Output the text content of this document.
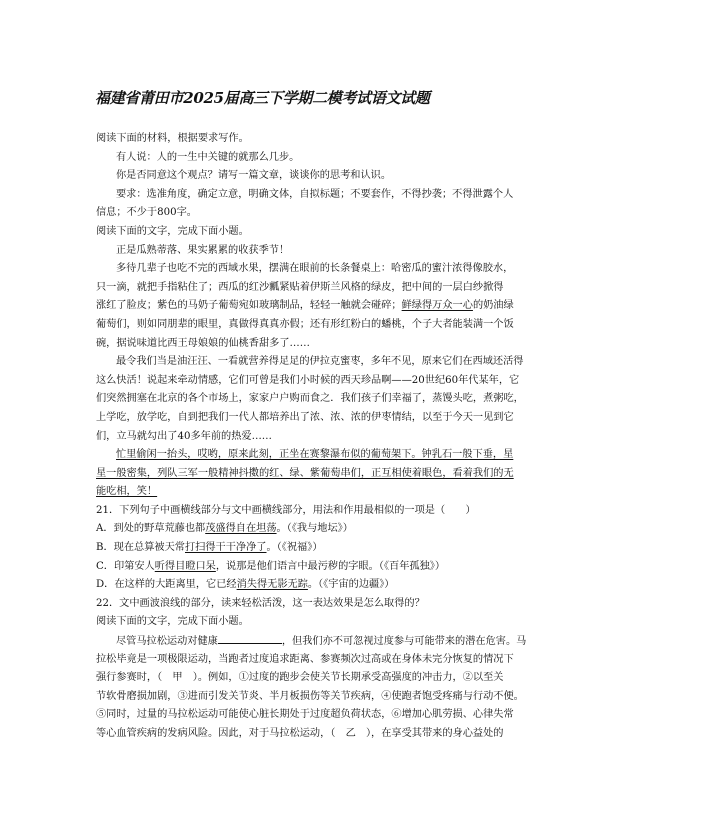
福建省莆田市2025届高三下学期二模考试语文试题
阅读下面的材料，根据要求写作。
有人说：人的一生中关键的就那么几步。
你是否同意这个观点？请写一篇文章，谈谈你的思考和认识。
要求：选准角度，确定立意，明确文体，自拟标题；不要套作，不得抄袭；不得泄露个人
信息；不少于800字。
阅读下面的文字，完成下面小题。
正是瓜熟蒂落、果实累累的收获季节！
多待几辈子也吃不完的西域水果，摆满在眼前的长条餐桌上：哈密瓜的蜜汁浓得像胶水，
只一滴，就把手指粘住了；西瓜的红沙瓤紧贴着伊斯兰风格的绿皮，把中间的一层白纱掀得
涨红了脸皮；紫色的马奶子葡萄宛如玻璃制品，轻轻一触就会碰碎；鲜绿得万众一心的奶油绿
葡萄们，则如同朋辈的眼里，真做得真真亦假；还有形红粉白的蟠桃，个子大者能装满一个饭
碗，据说味道比西王母娘娘的仙桃香甜多了……
最令我们当是油汪汪、一看就营养得足足的伊拉克蜜枣，多年不见，原来它们在西域还活得
这么快活！说起来牵动情感，它们可曾是我们小时候的西天珍品啊——20世纪60年代某年，它
们突然拥塞在北京的各个市场上，家家户户购而食之．我们孩子们幸福了，蒸馒头吃，煮粥吃，
上学吃，放学吃，自到把我们一代人都培养出了浓、浓、浓的伊枣情结，以至于今天一见到它
们，立马就勾出了40多年前的热爱……
忙里偷闲一抬头，哎哟，原来此刻，正坐在赛黎瀑布似的葡萄架下。钟乳石一般下垂，星
星一般密集，列队三军一般精神抖擞的红、绿、紫葡萄串们，正互相使着眼色，看着我们的无
能吃相，笑！
21．下列句子中画横线部分与文中画横线部分，用法和作用最相似的一项是（　　）
A．到处的野草荒藤也都茂盛得自在坦荡。（《我与地坛》）
B．现在总算被天常打扫得干干净净了。（《祝福》）
C．印第安人听得目瞪口呆，说那是他们语言中最污秽的字眼。（《百年孤独》）
D．在这样的大距离里，它已经消失得无影无踪。（《宇宙的边疆》）
22．文中画波浪线的部分，读来轻松活泼，这一表达效果是怎么取得的？
阅读下面的文字，完成下面小题。
尽管马拉松运动对健康	，但我们亦不可忽视过度参与可能带来的潜在危害。马
拉松毕竟是一项极限运动，当跑者过度追求距离、参赛频次过高或在身体未完分恢复的情况下
强行参赛时，（　甲　）。例如，①过度的跑步会使关节长期承受高强度的冲击力，②以至关
节软骨磨损加剧，③进而引发关节炎、半月板损伤等关节疾病，④使跑者饱受疼痛与行动不便。
⑤同时，过量的马拉松运动可能使心脏长期处于过度超负荷状态，⑥增加心肌劳损、心律失常
等心血管疾病的发病风险。因此，对于马拉松运动，（　乙　），在享受其带来的身心益处的
